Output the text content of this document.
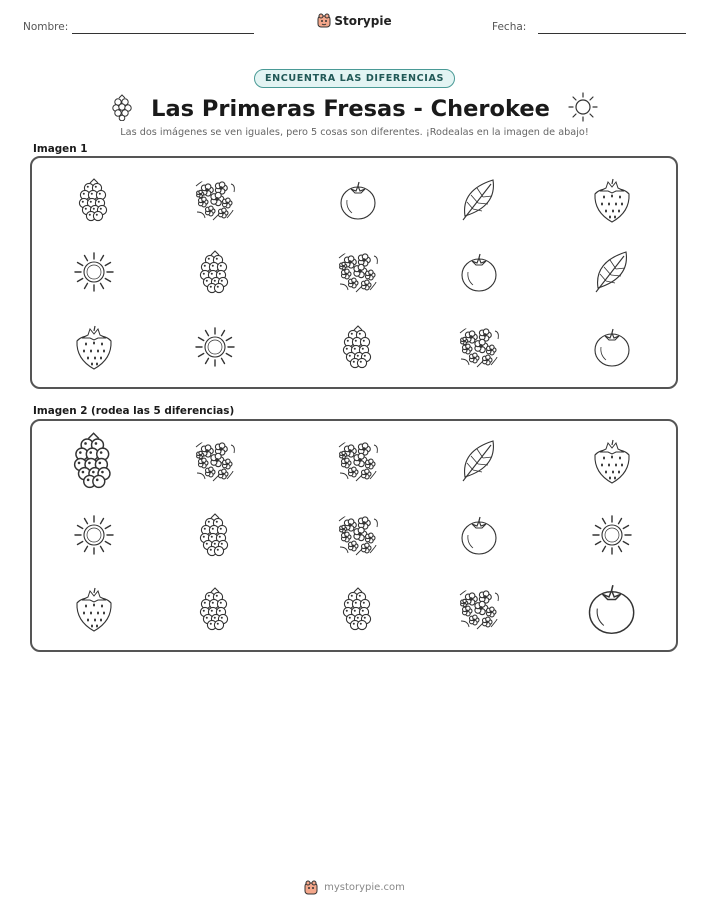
Nombre:	Storypie	Fecha:
ENCUENTRA LAS DIFERENCIAS
Las Primeras Fresas - Cherokee
Las dos imágenes se ven iguales, pero 5 cosas son diferentes. ¡Rodealas en la imagen de abajo!
Imagen 1
Imagen 2 (rodea las 5 diferencias)
mystorypie.com
